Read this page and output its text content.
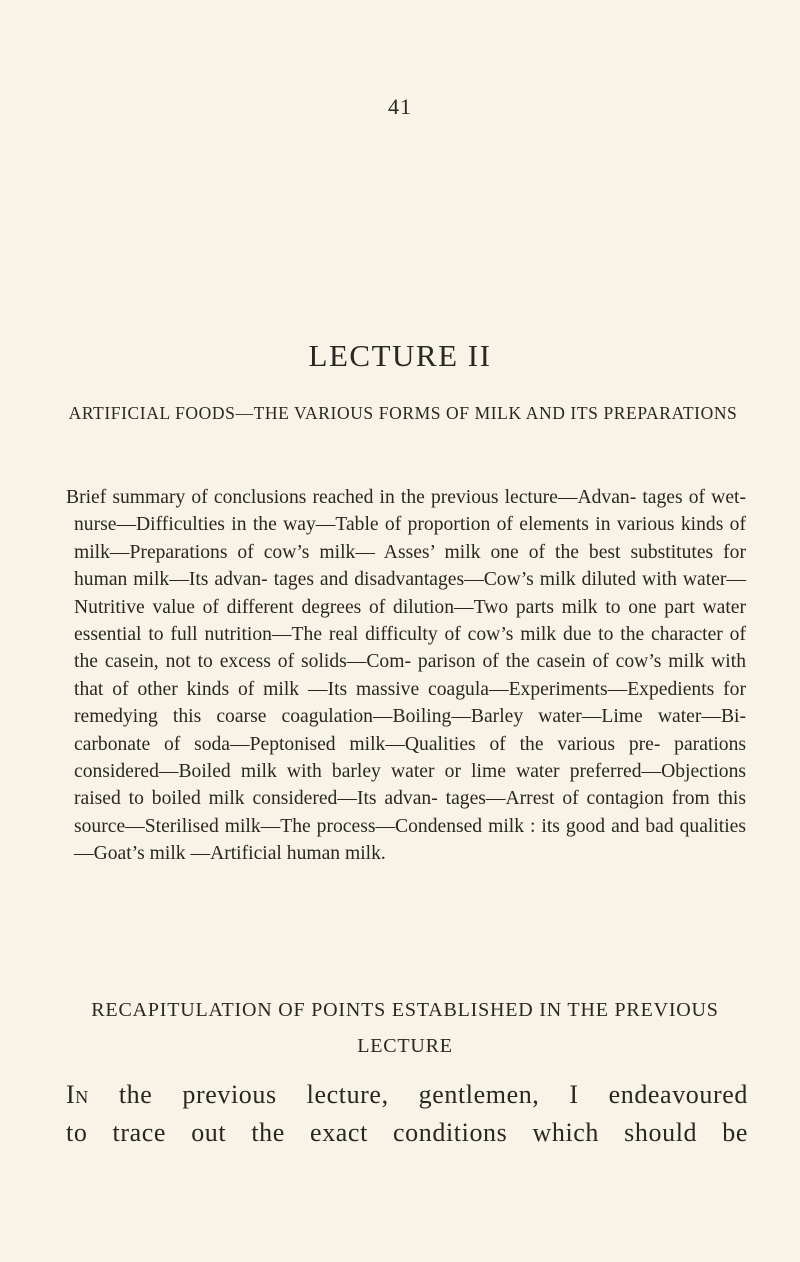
41
LECTURE II
ARTIFICIAL FOODS—THE VARIOUS FORMS OF MILK AND ITS PREPARATIONS
Brief summary of conclusions reached in the previous lecture—Advan- tages of wet-nurse—Difficulties in the way—Table of proportion of elements in various kinds of milk—Preparations of cow’s milk— Asses’ milk one of the best substitutes for human milk—Its advan- tages and disadvantages—Cow’s milk diluted with water—Nutritive value of different degrees of dilution—Two parts milk to one part water essential to full nutrition—The real difficulty of cow’s milk due to the character of the casein, not to excess of solids—Com- parison of the casein of cow’s milk with that of other kinds of milk —Its massive coagula—Experiments—Expedients for remedying this coarse coagulation—Boiling—Barley water—Lime water—Bi- carbonate of soda—Peptonised milk—Qualities of the various pre- parations considered—Boiled milk with barley water or lime water preferred—Objections raised to boiled milk considered—Its advan- tages—Arrest of contagion from this source—Sterilised milk—The process—Condensed milk : its good and bad qualities—Goat’s milk —Artificial human milk.
RECAPITULATION OF POINTS ESTABLISHED IN THE PREVIOUS LECTURE
In the previous lecture, gentlemen, I endeavoured
to trace out the exact conditions which should be
